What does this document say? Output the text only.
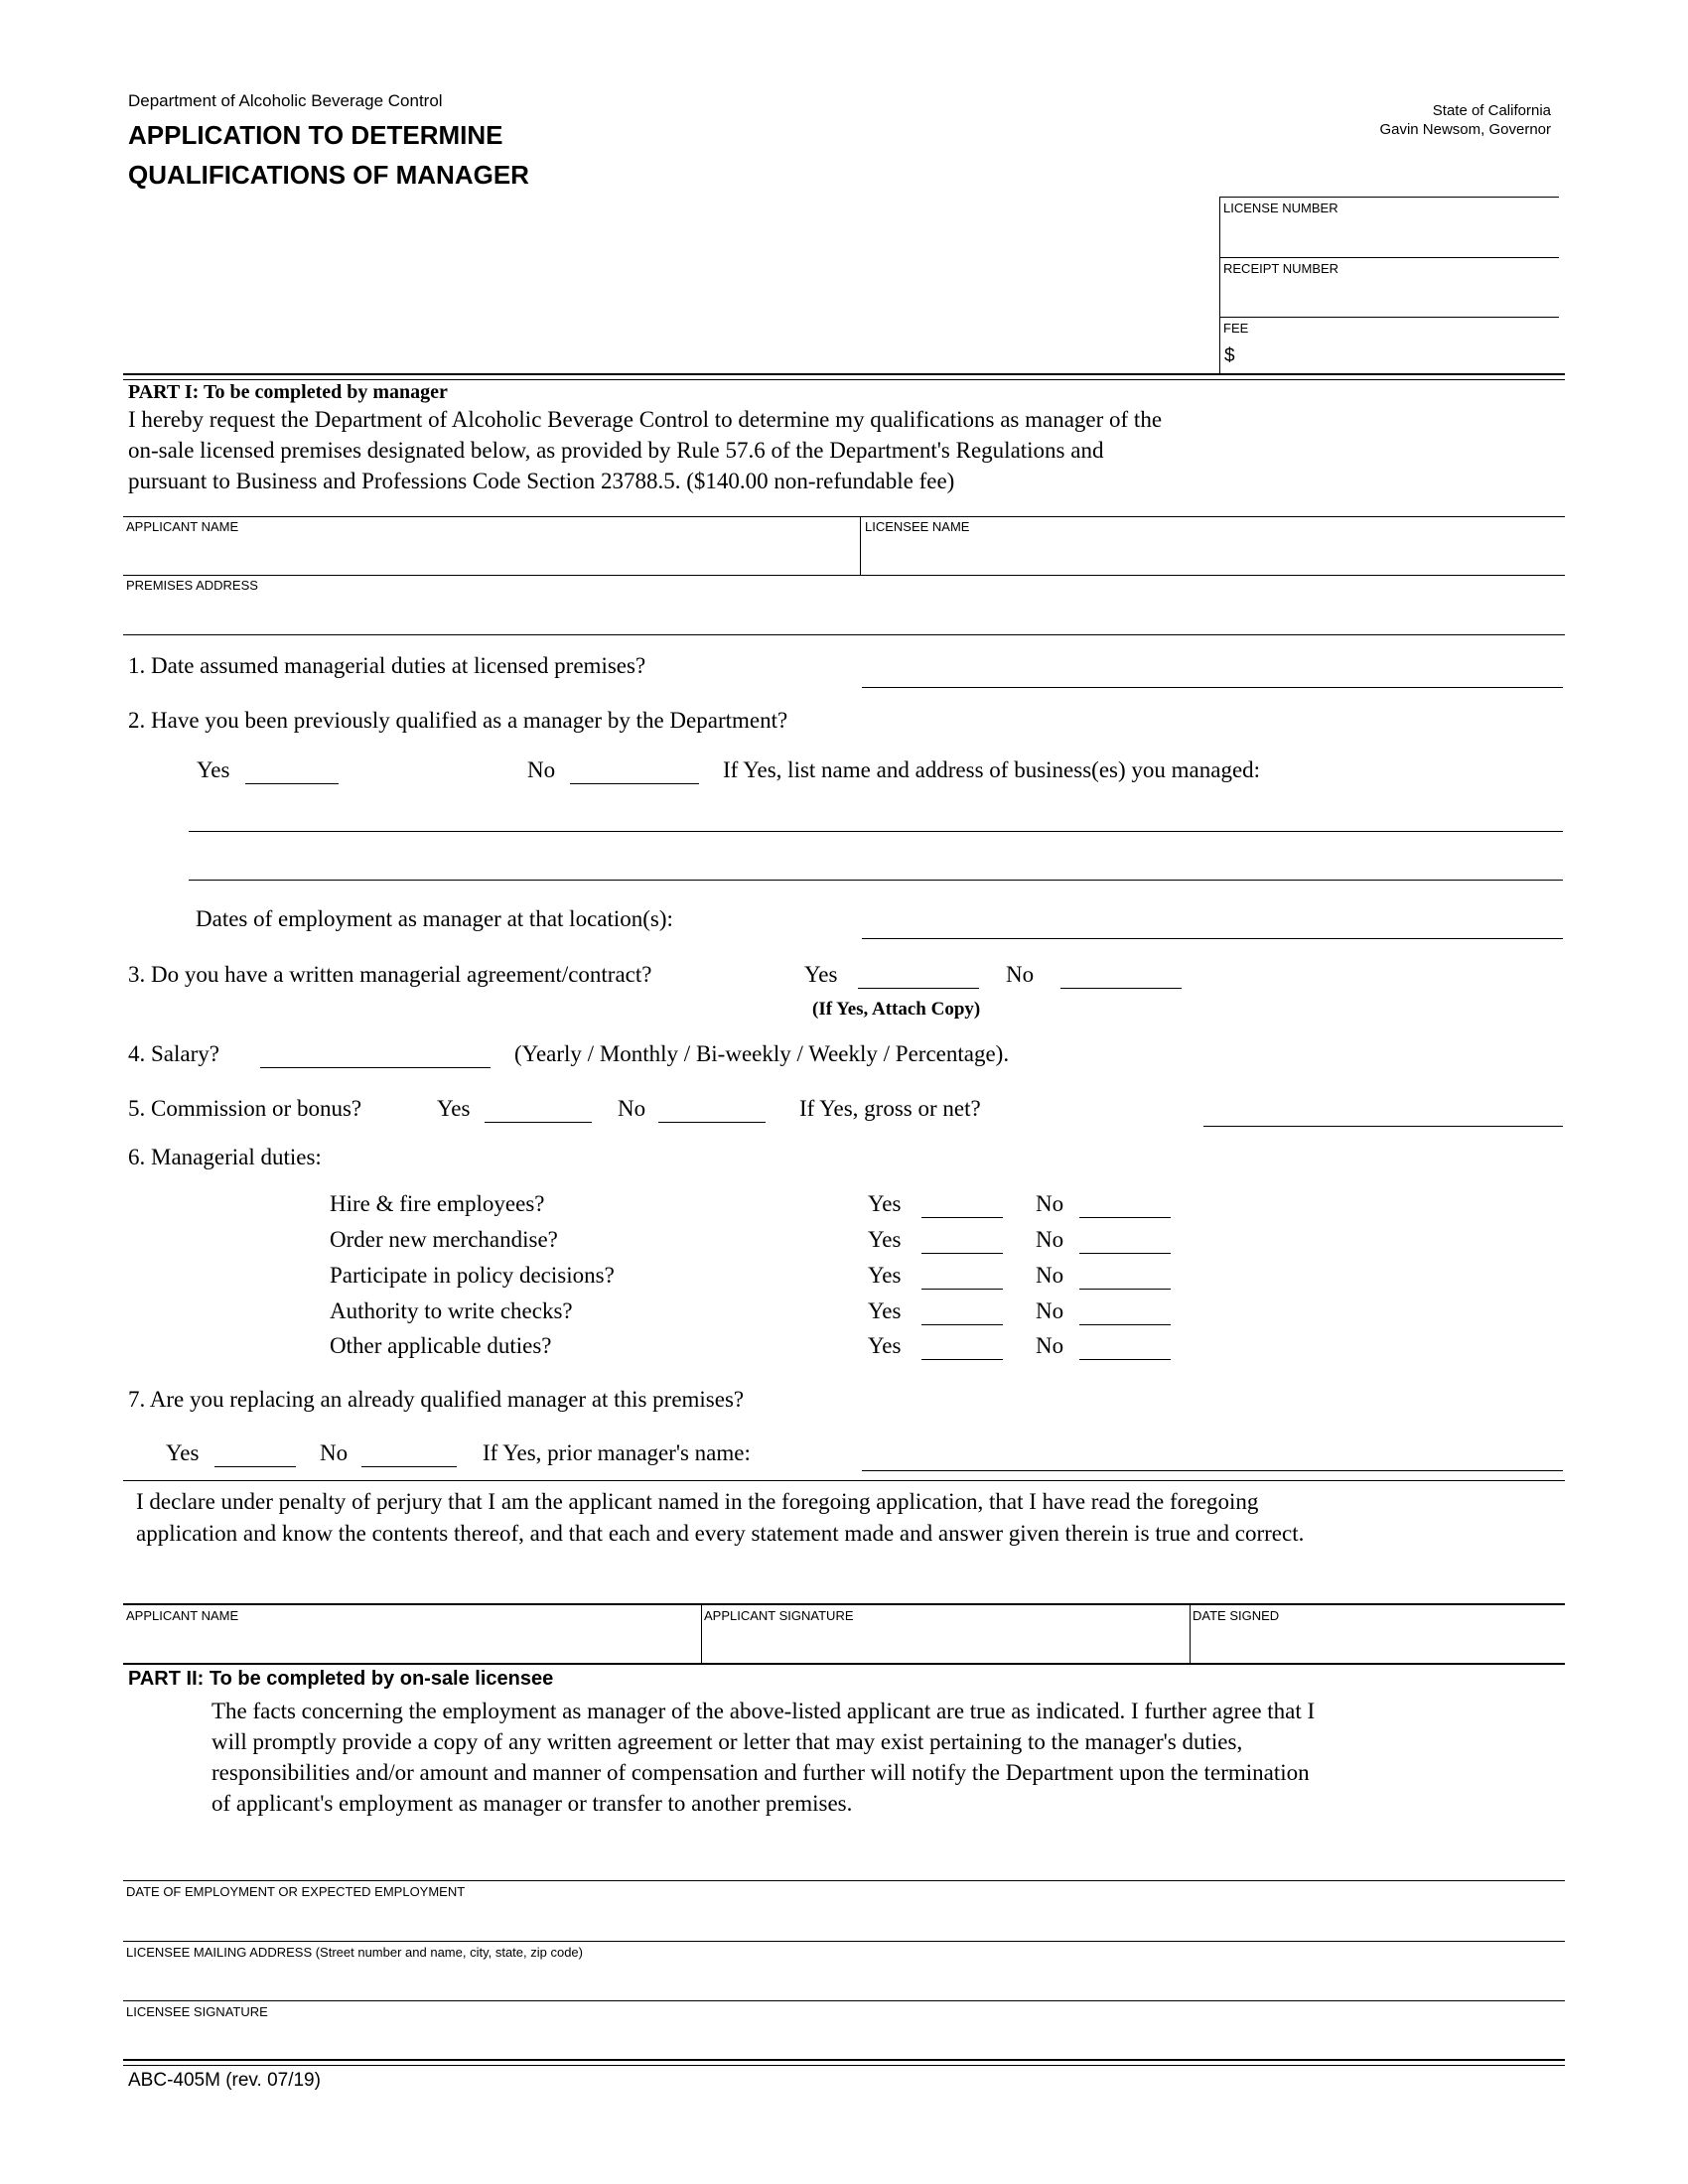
Department of Alcoholic Beverage Control
APPLICATION TO DETERMINE
QUALIFICATIONS OF MANAGER
State of California
Gavin Newsom, Governor
LICENSE NUMBER
RECEIPT NUMBER
FEE
$
PART I: To be completed by manager
I hereby request the Department of Alcoholic Beverage Control to determine my qualifications as manager of the
on-sale licensed premises designated below, as provided by Rule 57.6 of the Department's Regulations and
pursuant to Business and Professions Code Section 23788.5. ($140.00 non-refundable fee)
APPLICANT NAME	LICENSEE NAME
PREMISES ADDRESS
1. Date assumed managerial duties at licensed premises?
2. Have you been previously qualified as a manager by the Department?
Yes	No	If Yes, list name and address of business(es) you managed:
Dates of employment as manager at that location(s):
3. Do you have a written managerial agreement/contract?	Yes	No
(If Yes, Attach Copy)
4. Salary?	(Yearly / Monthly / Bi-weekly / Weekly / Percentage).
5. Commission or bonus?	Yes	No	If Yes, gross or net?
6. Managerial duties:
Hire & fire employees?	Yes	No
Order new merchandise?	Yes	No
Participate in policy decisions?	Yes	No
Authority to write checks?	Yes	No
Other applicable duties?	Yes	No
7. Are you replacing an already qualified manager at this premises?
Yes	No	If Yes, prior manager's name:
I declare under penalty of perjury that I am the applicant named in the foregoing application, that I have read the foregoing
application and know the contents thereof, and that each and every statement made and answer given therein is true and correct.
APPLICANT NAME	APPLICANT SIGNATURE	DATE SIGNED
PART II: To be completed by on-sale licensee
The facts concerning the employment as manager of the above-listed applicant are true as indicated. I further agree that I
will promptly provide a copy of any written agreement or letter that may exist pertaining to the manager's duties,
responsibilities and/or amount and manner of compensation and further will notify the Department upon the termination
of applicant's employment as manager or transfer to another premises.
DATE OF EMPLOYMENT OR EXPECTED EMPLOYMENT
LICENSEE MAILING ADDRESS (Street number and name, city, state, zip code)
LICENSEE SIGNATURE
ABC-405M (rev. 07/19)
